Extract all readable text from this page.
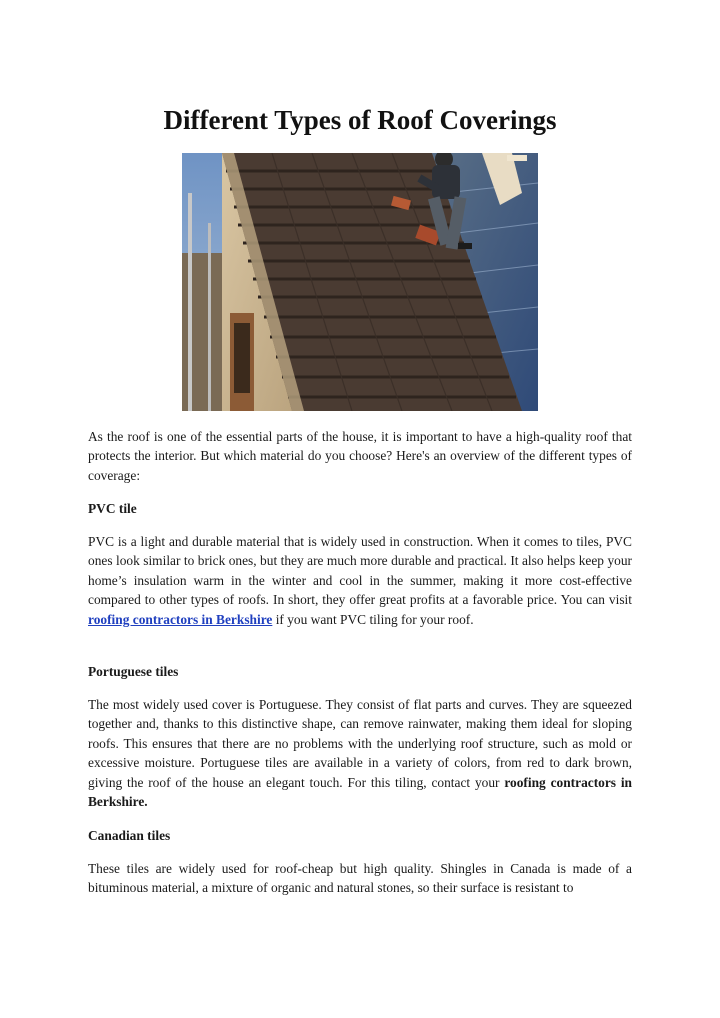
Different Types of Roof Coverings

As the roof is one of the essential parts of the house, it is important to have a high-quality roof that protects the interior. But which material do you choose? Here's an overview of the different types of coverage:

PVC tile

PVC is a light and durable material that is widely used in construction. When it comes to tiles, PVC ones look similar to brick ones, but they are much more durable and practical. It also helps keep your home’s insulation warm in the winter and cool in the summer, making it more cost-effective compared to other types of roofs. In short, they offer great profits at a favorable price. You can visit roofing contractors in Berkshire if you want PVC tiling for your roof.

Portuguese tiles

The most widely used cover is Portuguese. They consist of flat parts and curves. They are squeezed together and, thanks to this distinctive shape, can remove rainwater, making them ideal for sloping roofs. This ensures that there are no problems with the underlying roof structure, such as mold or excessive moisture. Portuguese tiles are available in a variety of colors, from red to dark brown, giving the roof of the house an elegant touch. For this tiling, contact your roofing contractors in Berkshire.

Canadian tiles

These tiles are widely used for roof-cheap but high quality. Shingles in Canada is made of a bituminous material, a mixture of organic and natural stones, so their surface is resistant to
